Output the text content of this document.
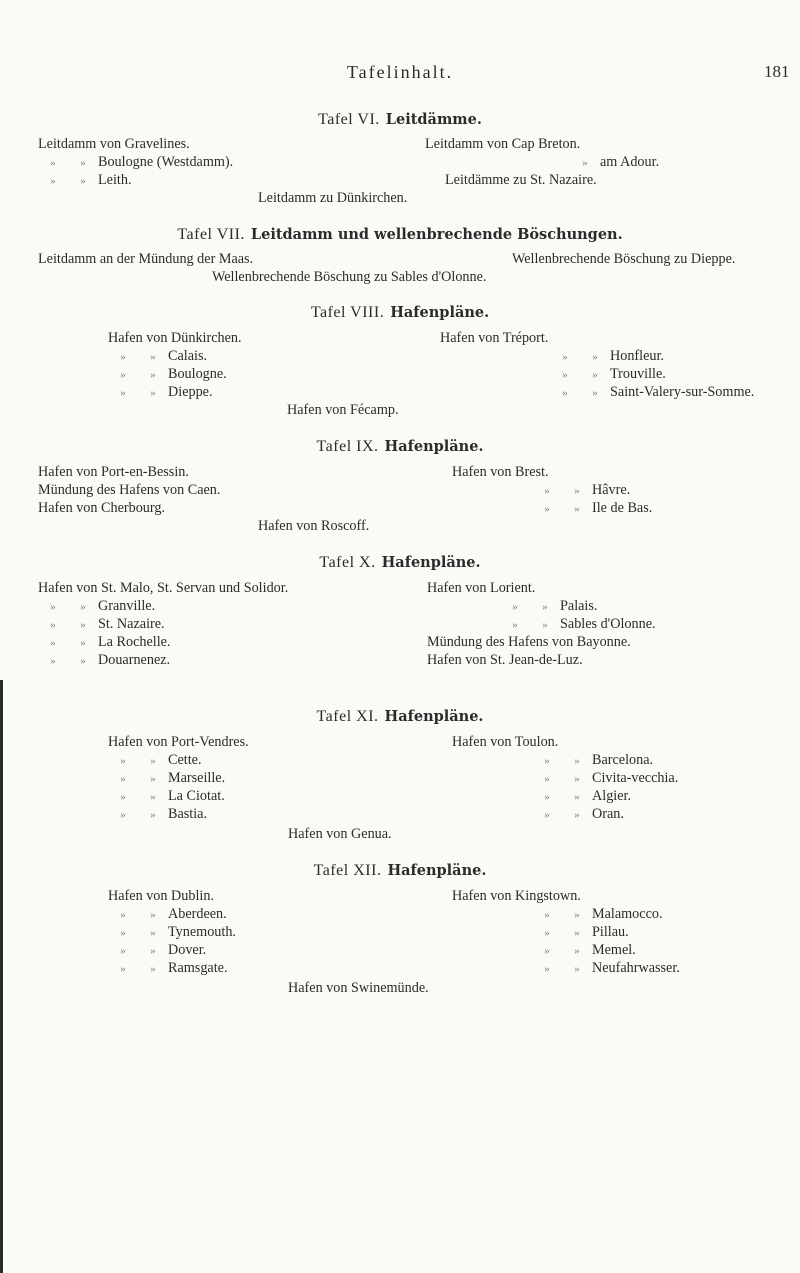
Tafelinhalt.	181
Tafel VI. Leitdämme.
Leitdamm von Gravelines.	Leitdamm von Cap Breton.
» » Boulogne (Westdamm).	» am Adour.
» » Leith.	Leitdämme zu St. Nazaire.
Leitdamm zu Dünkirchen.
Tafel VII. Leitdamm und wellenbrechende Böschungen.
Leitdamm an der Mündung der Maas.	Wellenbrechende Böschung zu Dieppe.
Wellenbrechende Böschung zu Sables d'Olonne.
Tafel VIII. Hafenpläne.
Hafen von Dünkirchen.	Hafen von Tréport.
» » Calais.	» » Honfleur.
» » Boulogne.	» » Trouville.
» » Dieppe.	» » Saint-Valery-sur-Somme.
Hafen von Fécamp.
Tafel IX. Hafenpläne.
Hafen von Port-en-Bessin.	Hafen von Brest.
Mündung des Hafens von Caen.	» » Hâvre.
Hafen von Cherbourg.	» » Ile de Bas.
Hafen von Roscoff.
Tafel X. Hafenpläne.
Hafen von St. Malo, St. Servan und Solidor.	Hafen von Lorient.
» » Granville.	» » Palais.
» » St. Nazaire.	» » Sables d'Olonne.
» » La Rochelle.	Mündung des Hafens von Bayonne.
» » Douarnenez.	Hafen von St. Jean-de-Luz.
Tafel XI. Hafenpläne.
Hafen von Port-Vendres.	Hafen von Toulon.
» » Cette.	» » Barcelona.
» » Marseille.	» » Civita-vecchia.
» » La Ciotat.	» » Algier.
» » Bastia.	» » Oran.
Hafen von Genua.
Tafel XII. Hafenpläne.
Hafen von Dublin.	Hafen von Kingstown.
» » Aberdeen.	» » Malamocco.
» » Tynemouth.	» » Pillau.
» » Dover.	» » Memel.
» » Ramsgate.	» » Neufahrwasser.
Hafen von Swinemünde.
